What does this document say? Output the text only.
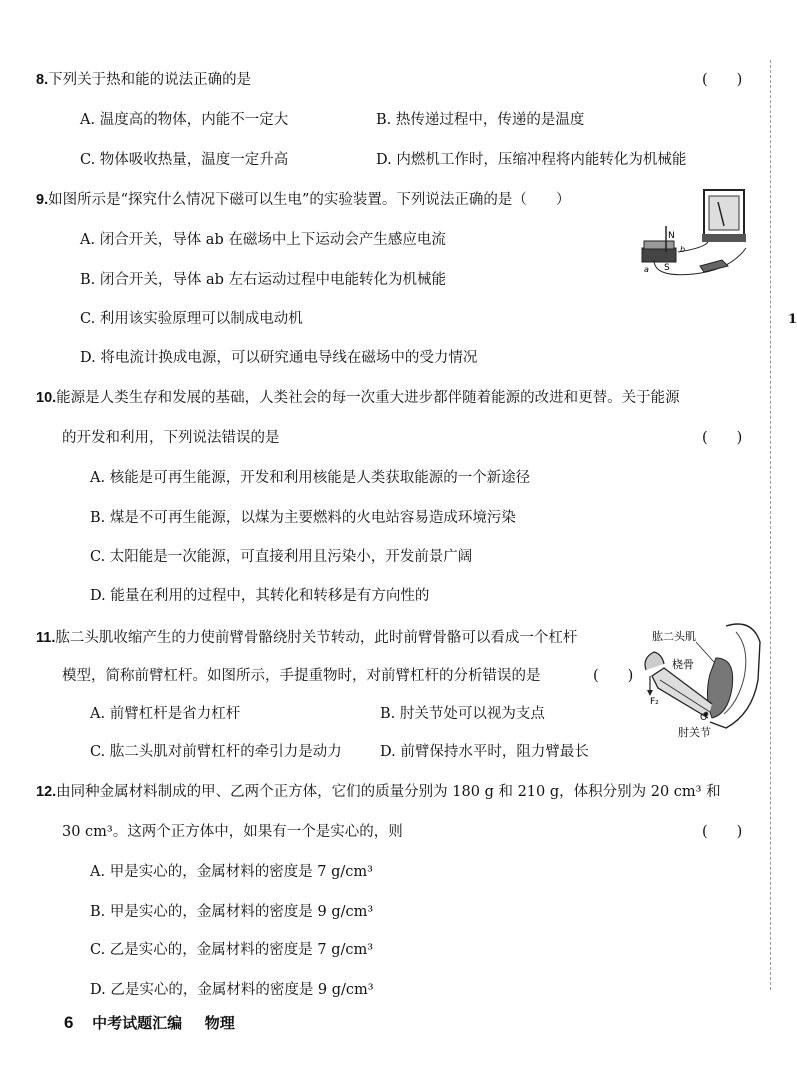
1
8.下列关于热和能的说法正确的是	(　　)
A. 温度高的物体，内能不一定大	B. 热传递过程中，传递的是温度
C. 物体吸收热量，温度一定升高	D. 内燃机工作时，压缩冲程将内能转化为机械能
9.如图所示是“探究什么情况下磁可以生电”的实验装置。下列说法正确的是（　　）
A. 闭合开关，导体 ab 在磁场中上下运动会产生感应电流
B. 闭合开关，导体 ab 左右运动过程中电能转化为机械能
C. 利用该实验原理可以制成电动机
D. 将电流计换成电源，可以研究通电导线在磁场中的受力情况
N
S
b
a
10.能源是人类生存和发展的基础，人类社会的每一次重大进步都伴随着能源的改进和更替。关于能源
的开发和利用，下列说法错误的是	(　　)
A. 核能是可再生能源，开发和利用核能是人类获取能源的一个新途径
B. 煤是不可再生能源，以煤为主要燃料的火电站容易造成环境污染
C. 太阳能是一次能源，可直接利用且污染小，开发前景广阔
D. 能量在利用的过程中，其转化和转移是有方向性的
11.肱二头肌收缩产生的力使前臂骨骼绕肘关节转动，此时前臂骨骼可以看成一个杠杆
模型，简称前臂杠杆。如图所示，手提重物时，对前臂杠杆的分析错误的是	(　　)
A. 前臂杠杆是省力杠杆	B. 肘关节处可以视为支点
C. 肱二头肌对前臂杠杆的牵引力是动力	D. 前臂保持水平时，阻力臂最长
F₂
肱二头肌
桡骨
O
肘关节
12.由同种金属材料制成的甲、乙两个正方体，它们的质量分别为 180 g 和 210 g，体积分别为 20 cm³ 和
30 cm³。这两个正方体中，如果有一个是实心的，则	(　　)
A. 甲是实心的，金属材料的密度是 7 g/cm³
B. 甲是实心的，金属材料的密度是 9 g/cm³
C. 乙是实心的，金属材料的密度是 7 g/cm³
D. 乙是实心的，金属材料的密度是 9 g/cm³
6 中考试题汇编 物理
